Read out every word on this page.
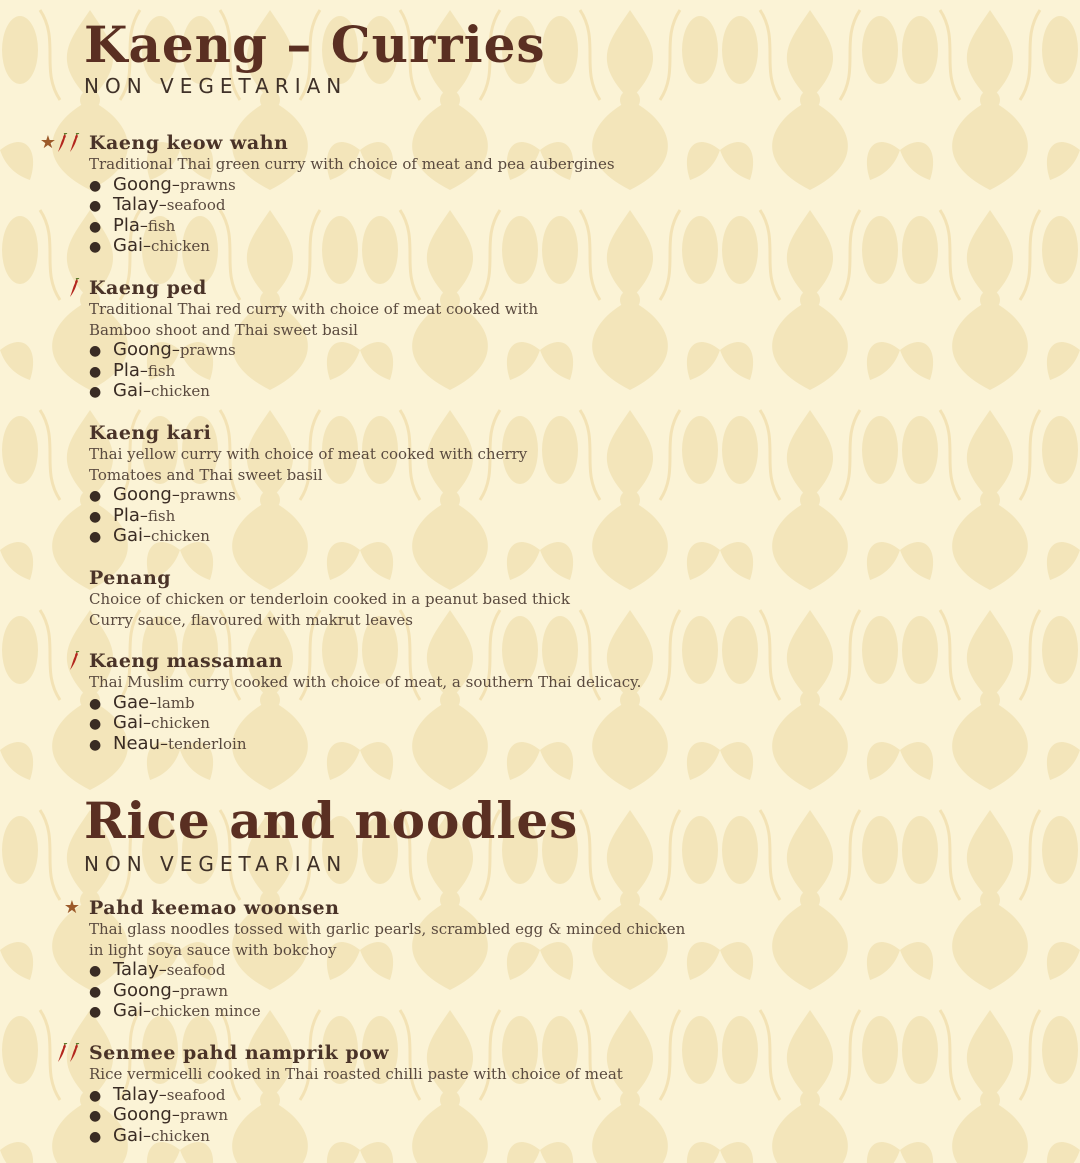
Kaeng – Curries
NON VEGETARIAN
★ Kaeng keow wahn
Traditional Thai green curry with choice of meat and pea aubergines
● Goong–prawns
● Talay–seafood
● Pla–fish
● Gai–chicken
Kaeng ped
Traditional Thai red curry with choice of meat cooked with
Bamboo shoot and Thai sweet basil
● Goong–prawns
● Pla–fish
● Gai–chicken
Kaeng kari
Thai yellow curry with choice of meat cooked with cherry
Tomatoes and Thai sweet basil
● Goong–prawns
● Pla–fish
● Gai–chicken
Penang
Choice of chicken or tenderloin cooked in a peanut based thick
Curry sauce, flavoured with makrut leaves
Kaeng massaman
Thai Muslim curry cooked with choice of meat, a southern Thai delicacy.
● Gae–lamb
● Gai–chicken
● Neau–tenderloin
Rice and noodles
NON VEGETARIAN
★ Pahd keemao woonsen
Thai glass noodles tossed with garlic pearls, scrambled egg & minced chicken
in light soya sauce with bokchoy
● Talay–seafood
● Goong–prawn
● Gai–chicken mince
Senmee pahd namprik pow
Rice vermicelli cooked in Thai roasted chilli paste with choice of meat
● Talay–seafood
● Goong–prawn
● Gai–chicken
